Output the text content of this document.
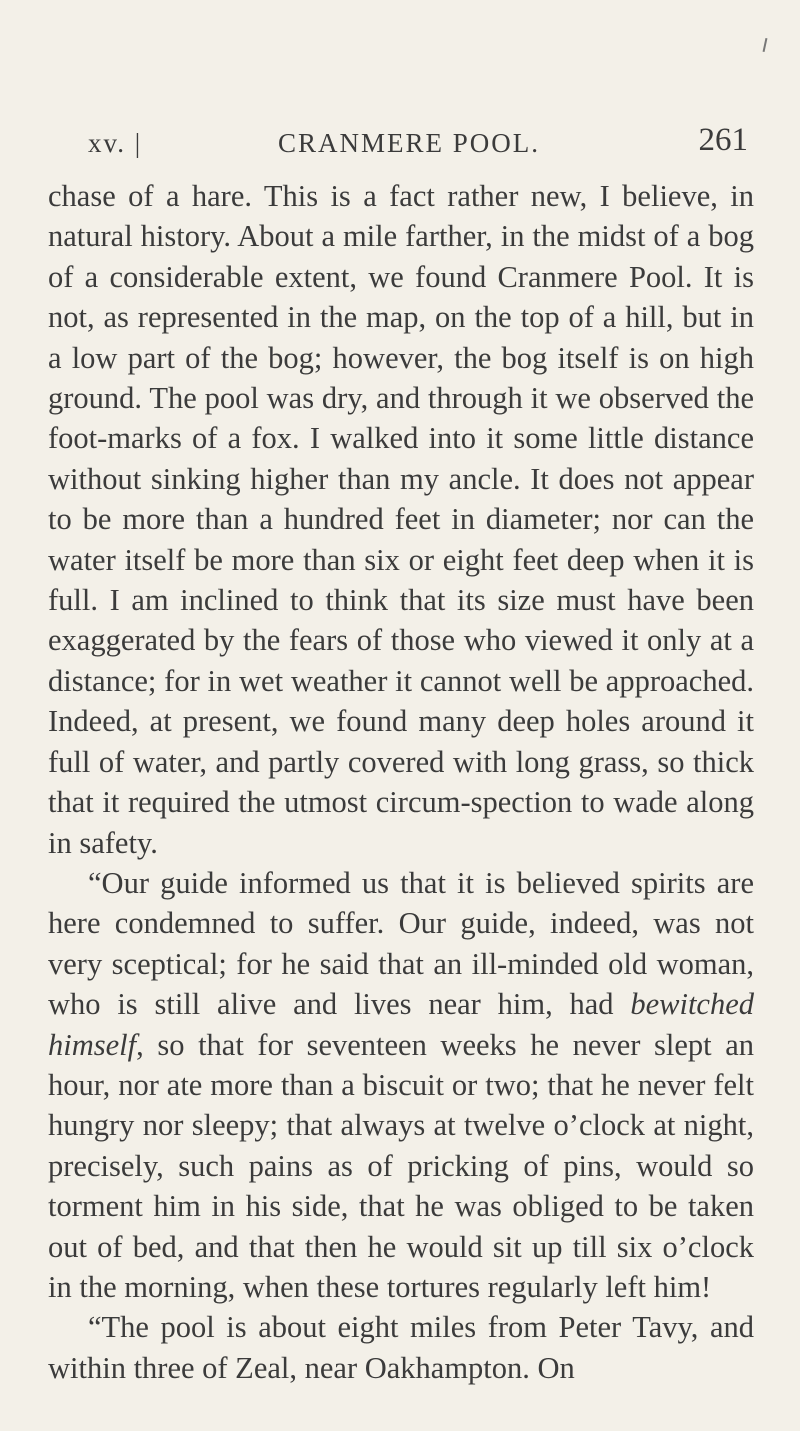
xv. |	CRANMERE POOL.	261

chase of a hare. This is a fact rather new, I believe, in natural history. About a mile farther, in the midst of a bog of a considerable extent, we found Cranmere Pool. It is not, as represented in the map, on the top of a hill, but in a low part of the bog; however, the bog itself is on high ground. The pool was dry, and through it we observed the foot-marks of a fox. I walked into it some little distance without sinking higher than my ancle. It does not appear to be more than a hundred feet in diameter; nor can the water itself be more than six or eight feet deep when it is full. I am inclined to think that its size must have been exaggerated by the fears of those who viewed it only at a distance; for in wet weather it cannot well be approached. Indeed, at present, we found many deep holes around it full of water, and partly covered with long grass, so thick that it required the utmost circum-spection to wade along in safety.

“Our guide informed us that it is believed spirits are here condemned to suffer. Our guide, indeed, was not very sceptical; for he said that an ill-minded old woman, who is still alive and lives near him, had bewitched himself, so that for seventeen weeks he never slept an hour, nor ate more than a biscuit or two; that he never felt hungry nor sleepy; that always at twelve o’clock at night, precisely, such pains as of pricking of pins, would so torment him in his side, that he was obliged to be taken out of bed, and that then he would sit up till six o’clock in the morning, when these tortures regularly left him!

“The pool is about eight miles from Peter Tavy, and within three of Zeal, near Oakhampton. On
